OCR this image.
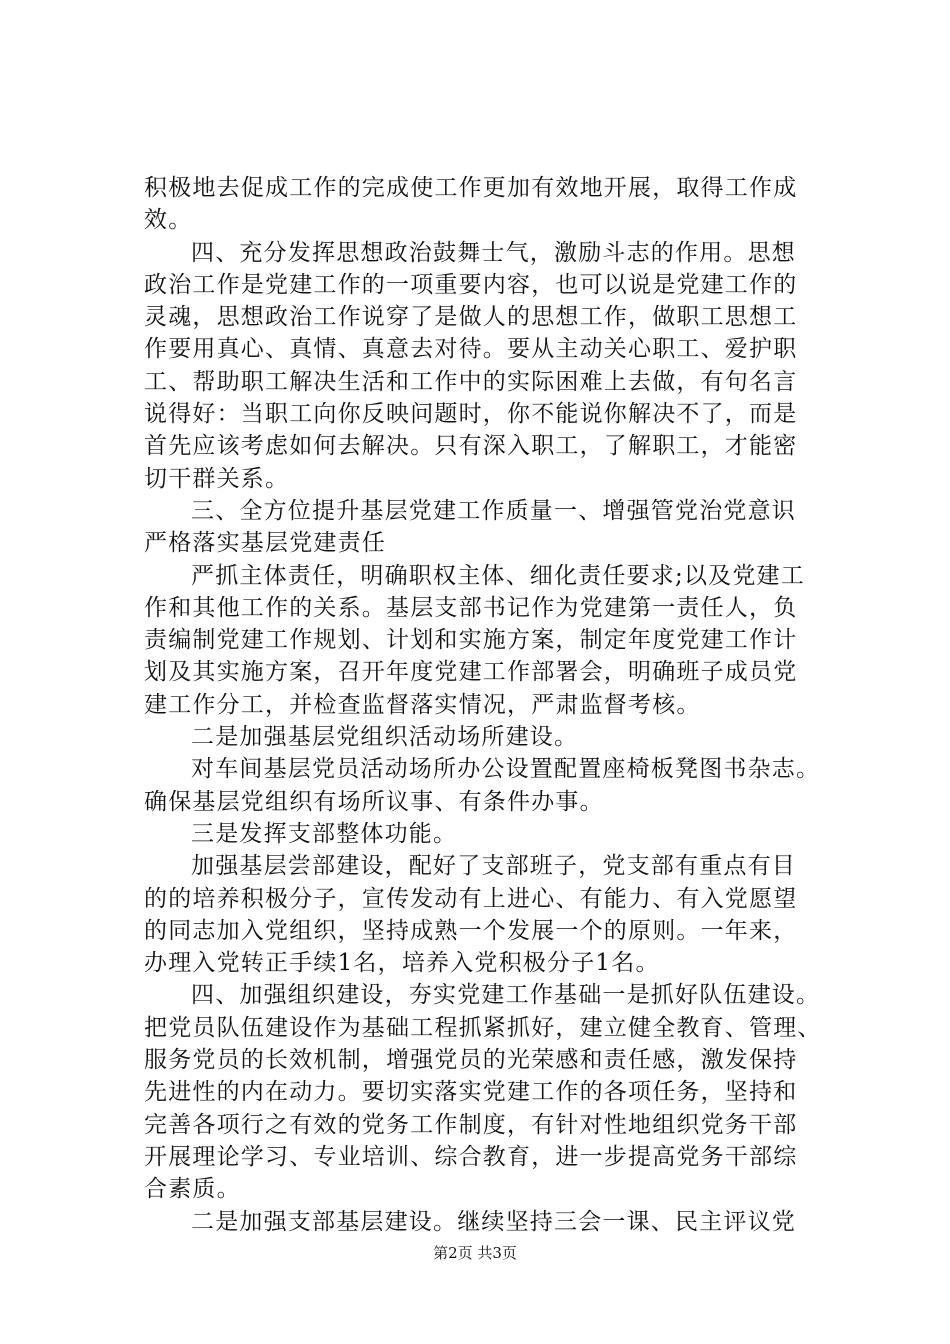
积极地去促成工作的完成使工作更加有效地开展，取得工作成
效。
四、充分发挥思想政治鼓舞士气，激励斗志的作用。思想
政治工作是党建工作的一项重要内容，也可以说是党建工作的
灵魂，思想政治工作说穿了是做人的思想工作，做职工思想工
作要用真心、真情、真意去对待。要从主动关心职工、爱护职
工、帮助职工解决生活和工作中的实际困难上去做，有句名言
说得好：当职工向你反映问题时，你不能说你解决不了，而是
首先应该考虑如何去解决。只有深入职工，了解职工，才能密
切干群关系。
三、全方位提升基层党建工作质量一、增强管党治党意识
严格落实基层党建责任
严抓主体责任，明确职权主体、细化责任要求;以及党建工
作和其他工作的关系。基层支部书记作为党建第一责任人，负
责编制党建工作规划、计划和实施方案，制定年度党建工作计
划及其实施方案，召开年度党建工作部署会，明确班子成员党
建工作分工，并检查监督落实情况，严肃监督考核。
二是加强基层党组织活动场所建设。
对车间基层党员活动场所办公设置配置座椅板凳图书杂志。
确保基层党组织有场所议事、有条件办事。
三是发挥支部整体功能。
加强基层尝部建设，配好了支部班子，党支部有重点有目
的的培养积极分子，宣传发动有上进心、有能力、有入党愿望
的同志加入党组织，坚持成熟一个发展一个的原则。一年来，
办理入党转正手续1名，培养入党积极分子1名。
四、加强组织建设，夯实党建工作基础一是抓好队伍建设。
把党员队伍建设作为基础工程抓紧抓好，建立健全教育、管理、
服务党员的长效机制，增强党员的光荣感和责任感，激发保持
先进性的内在动力。要切实落实党建工作的各项任务，坚持和
完善各项行之有效的党务工作制度，有针对性地组织党务干部
开展理论学习、专业培训、综合教育，进一步提高党务干部综
合素质。
二是加强支部基层建设。继续坚持三会一课、民主评议党
第2页 共3页
